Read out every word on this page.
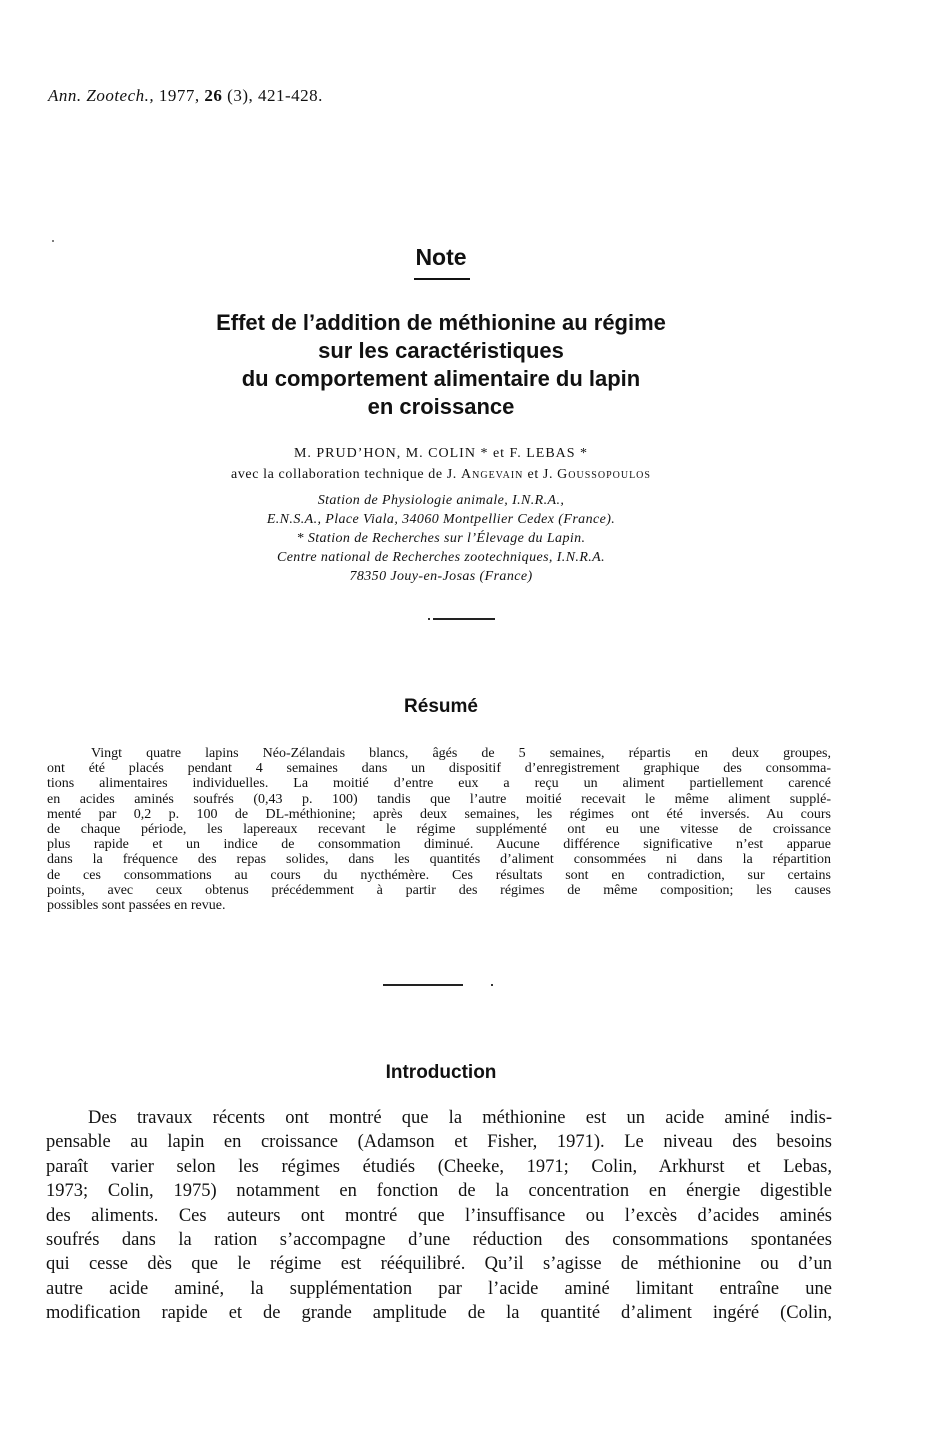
Ann. Zootech., 1977, 26 (3), 421-428.
Note
Effet de l’addition de méthionine au régime
sur les caractéristiques
du comportement alimentaire du lapin
en croissance
M. PRUD’HON, M. COLIN * et F. LEBAS *
avec la collaboration technique de J. Angevain et J. Goussopoulos
Station de Physiologie animale, I.N.R.A.,
E.N.S.A., Place Viala, 34060 Montpellier Cedex (France).
* Station de Recherches sur l’Élevage du Lapin.
Centre national de Recherches zootechniques, I.N.R.A.
78350 Jouy-en-Josas (France)
Résumé
Vingt quatre lapins Néo-Zélandais blancs, âgés de 5 semaines, répartis en deux groupes,
ont été placés pendant 4 semaines dans un dispositif d’enregistrement graphique des consomma-
tions alimentaires individuelles. La moitié d’entre eux a reçu un aliment partiellement carencé
en acides aminés soufrés (0,43 p. 100) tandis que l’autre moitié recevait le même aliment supplé-
menté par 0,2 p. 100 de DL-méthionine; après deux semaines, les régimes ont été inversés. Au cours
de chaque période, les lapereaux recevant le régime supplémenté ont eu une vitesse de croissance
plus rapide et un indice de consommation diminué. Aucune différence significative n’est apparue
dans la fréquence des repas solides, dans les quantités d’aliment consommées ni dans la répartition
de ces consommations au cours du nycthémère. Ces résultats sont en contradiction, sur certains
points, avec ceux obtenus précédemment à partir des régimes de même composition; les causes
possibles sont passées en revue.
Introduction
Des travaux récents ont montré que la méthionine est un acide aminé indis-
pensable au lapin en croissance (Adamson et Fisher, 1971). Le niveau des besoins
paraît varier selon les régimes étudiés (Cheeke, 1971; Colin, Arkhurst et Lebas,
1973; Colin, 1975) notamment en fonction de la concentration en énergie digestible
des aliments. Ces auteurs ont montré que l’insuffisance ou l’excès d’acides aminés
soufrés dans la ration s’accompagne d’une réduction des consommations spontanées
qui cesse dès que le régime est rééquilibré. Qu’il s’agisse de méthionine ou d’un
autre acide aminé, la supplémentation par l’acide aminé limitant entraîne une
modification rapide et de grande amplitude de la quantité d’aliment ingéré (Colin,
